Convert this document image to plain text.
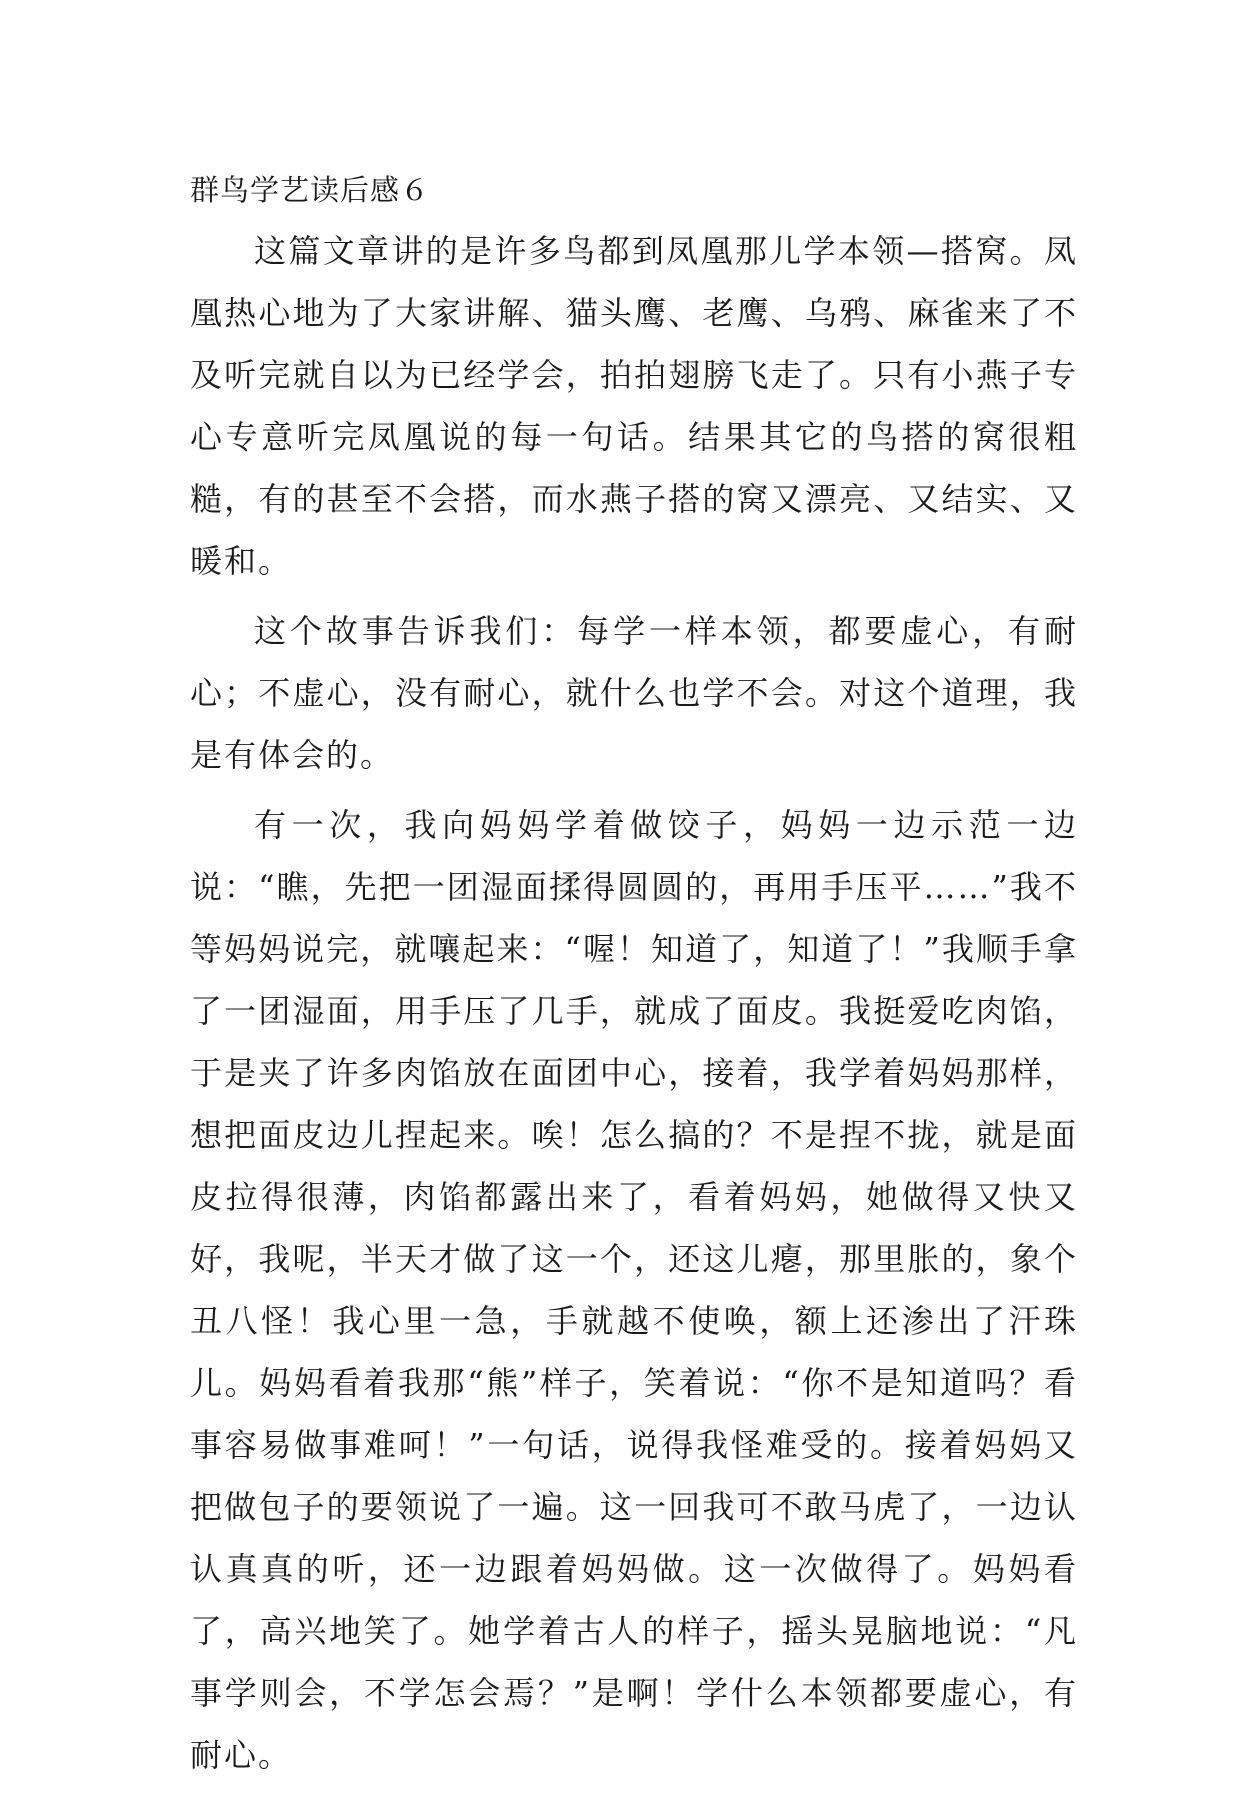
群鸟学艺读后感６

这篇文章讲的是许多鸟都到凤凰那儿学本领—搭窝。凤凰热心地为了大家讲解、猫头鹰、老鹰、乌鸦、麻雀来了不及听完就自以为已经学会，拍拍翅膀飞走了。只有小燕子专心专意听完凤凰说的每一句话。结果其它的鸟搭的窝很粗糙，有的甚至不会搭，而水燕子搭的窝又漂亮、又结实、又暖和。

这个故事告诉我们：每学一样本领，都要虚心，有耐心；不虚心，没有耐心，就什么也学不会。对这个道理，我是有体会的。

有一次，我向妈妈学着做饺子，妈妈一边示范一边说：“瞧，先把一团湿面揉得圆圆的，再用手压平……”我不等妈妈说完，就嚷起来：“喔！知道了，知道了！”我顺手拿了一团湿面，用手压了几手，就成了面皮。我挺爱吃肉馅，于是夹了许多肉馅放在面团中心，接着，我学着妈妈那样，想把面皮边儿捏起来。唉！怎么搞的？不是捏不拢，就是面皮拉得很薄，肉馅都露出来了，看着妈妈，她做得又快又好，我呢，半天才做了这一个，还这儿瘪，那里胀的，象个丑八怪！我心里一急，手就越不使唤，额上还渗出了汗珠儿。妈妈看着我那“熊”样子，笑着说：“你不是知道吗？看事容易做事难呵！”一句话，说得我怪难受的。接着妈妈又把做包子的要领说了一遍。这一回我可不敢马虎了，一边认认真真的听，还一边跟着妈妈做。这一次做得了。妈妈看了，高兴地笑了。她学着古人的样子，摇头晃脑地说：“凡事学则会，不学怎会焉？”是啊！学什么本领都要虚心，有耐心。
